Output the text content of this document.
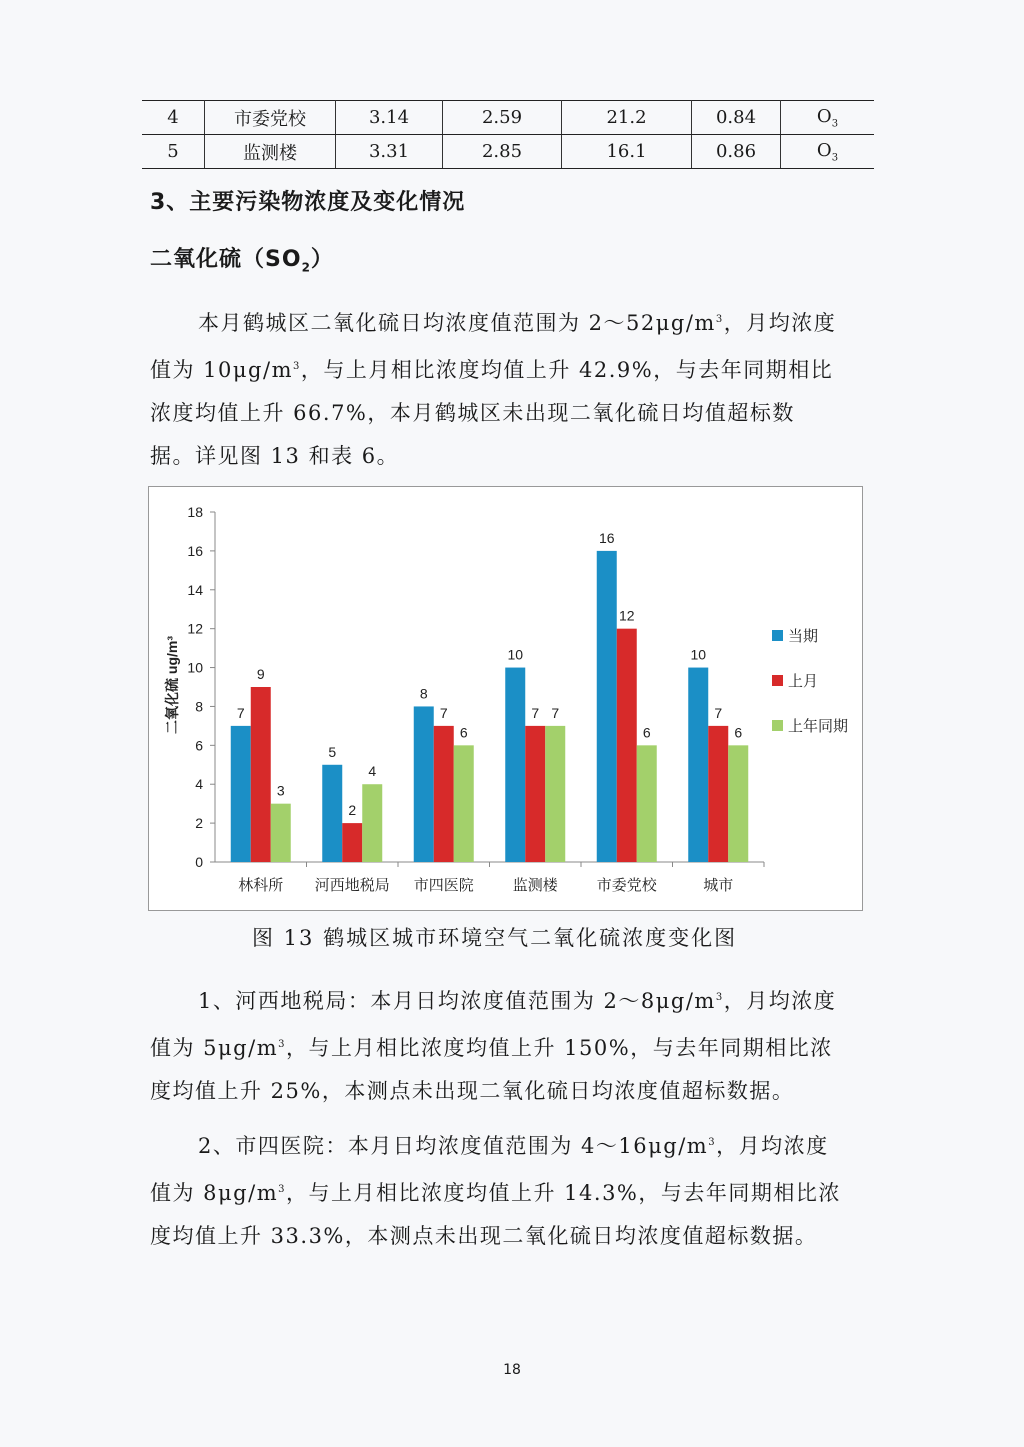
4	市委党校	3.14	2.59	21.2	0.84	$O_3$
5	监测楼	3.31	2.85	16.1	0.86	$O_3$
3、主要污染物浓度及变化情况
二氧化硫$(SO_2)$

本月鹤城区二氧化硫日均浓度值范围为 $2\sim 52\mu g/m^3$，月均浓度
值为 $10\mu g/m^3$，与上月相比浓度均值上升 42.9%，与去年同期相比
浓度均值上升 66.7%，本月鹤城区未出现二氧化硫日均值超标数
据。详见图 13 和表 6。

二氧化硫 ug/m³
0
2
4
6
8
10
12
14
16
18
7
9
3
林科所
5
2
4
河西地税局
8
7
6
市四医院
10
7 7
监测楼
16
12
6
市委党校
10
7
6
城市
当期
上月
上年同期
图 13 鹤城区城市环境空气二氧化硫浓度变化图

1、河西地税局：本月日均浓度值范围为 $2\sim 8\mu g/m^3$，月均浓度
值为 $5\mu g/m^3$，与上月相比浓度均值上升 150%，与去年同期相比浓
度均值上升 25%，本测点未出现二氧化硫日均浓度值超标数据。

2、市四医院：本月日均浓度值范围为 $4\sim 16\mu g/m^3$，月均浓度
值为 $8\mu g/m^3$，与上月相比浓度均值上升 14.3%，与去年同期相比浓
度均值上升 33.3%，本测点未出现二氧化硫日均浓度值超标数据。

18
